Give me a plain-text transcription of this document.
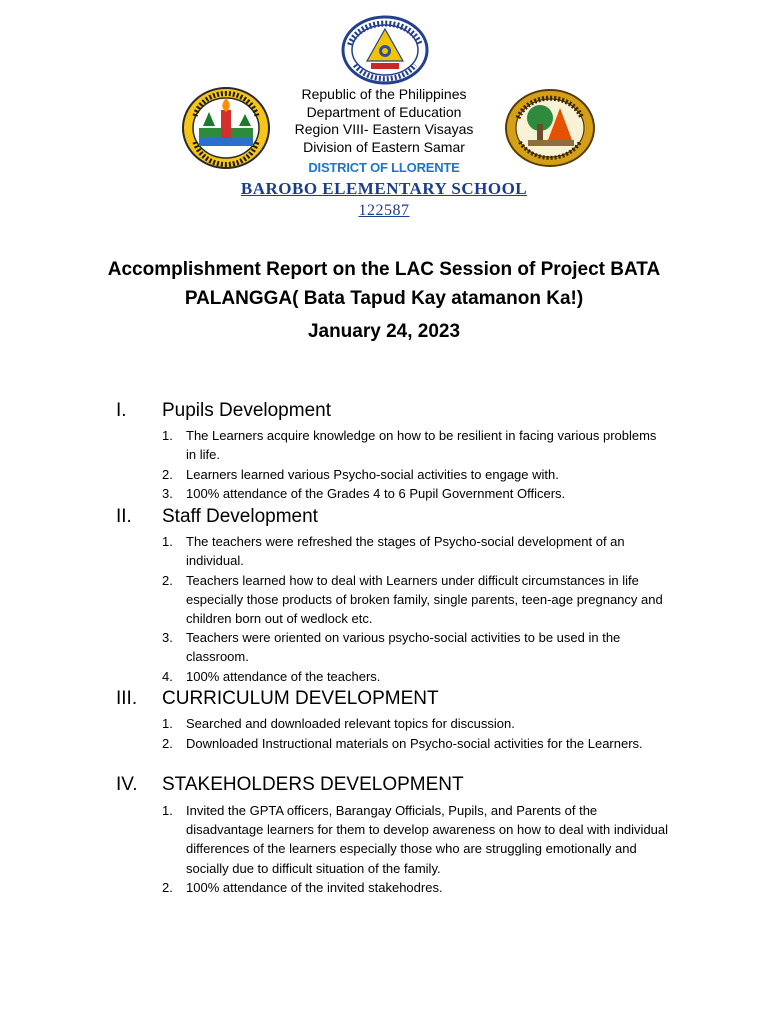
Republic of the Philippines
Department of Education
Region VIII- Eastern Visayas
Division of Eastern Samar
DISTRICT OF LLORENTE
BAROBO ELEMENTARY SCHOOL
122587
Accomplishment Report on the LAC Session of Project BATA PALANGGA( Bata Tapud Kay atamanon Ka!)
January 24, 2023
I. Pupils Development
1.	The Learners acquire knowledge on how to be resilient in facing various problems in life.
2.	Learners learned various Psycho-social activities to engage with.
3.	100% attendance of the Grades 4 to 6 Pupil Government Officers.
II. Staff Development
1.	The teachers were refreshed the stages of Psycho-social development of an individual.
2.	Teachers learned how to deal with Learners under difficult circumstances in life especially those products of broken family, single parents, teen-age pregnancy and children born out of wedlock etc.
3.	Teachers were oriented on various psycho-social activities to be used in the classroom.
4.	100% attendance of the teachers.
III. CURRICULUM DEVELOPMENT
1.	Searched and downloaded relevant topics for discussion.
2.	Downloaded Instructional materials on Psycho-social activities for the Learners.
IV. STAKEHOLDERS DEVELOPMENT
1.	Invited the GPTA officers, Barangay Officials, Pupils, and Parents of the disadvantage learners for them to develop awareness on how to deal with individual differences of the learners especially those who are struggling emotionally and socially due to difficult situation of the family.
2.	100% attendance of the invited stakehodres.
